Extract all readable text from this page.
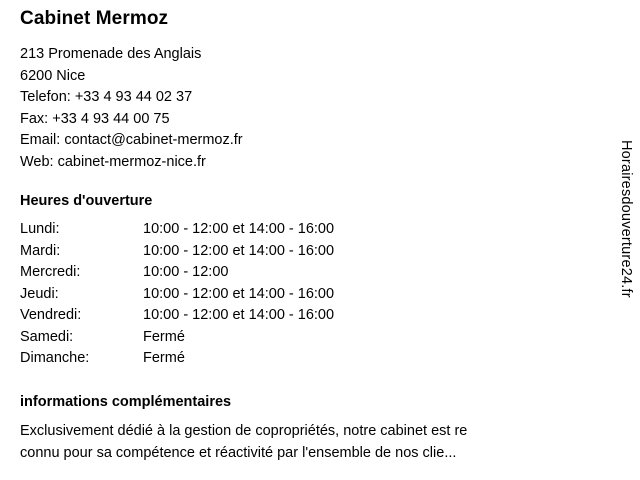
Cabinet Mermoz
213 Promenade des Anglais
6200 Nice
Telefon: +33 4 93 44 02 37
Fax: +33 4 93 44 00 75
Email: contact@cabinet-mermoz.fr
Web: cabinet-mermoz-nice.fr
Heures d'ouverture
Lundi:	10:00 - 12:00 et 14:00 - 16:00
Mardi:	10:00 - 12:00 et 14:00 - 16:00
Mercredi:	10:00 - 12:00
Jeudi:	10:00 - 12:00 et 14:00 - 16:00
Vendredi:	10:00 - 12:00 et 14:00 - 16:00
Samedi:	Fermé
Dimanche:	Fermé
informations complémentaires
Exclusivement dédié à la gestion de copropriétés, notre cabinet est re
connu pour sa compétence et réactivité par l'ensemble de nos clie...
Horairesdouverture24.fr
